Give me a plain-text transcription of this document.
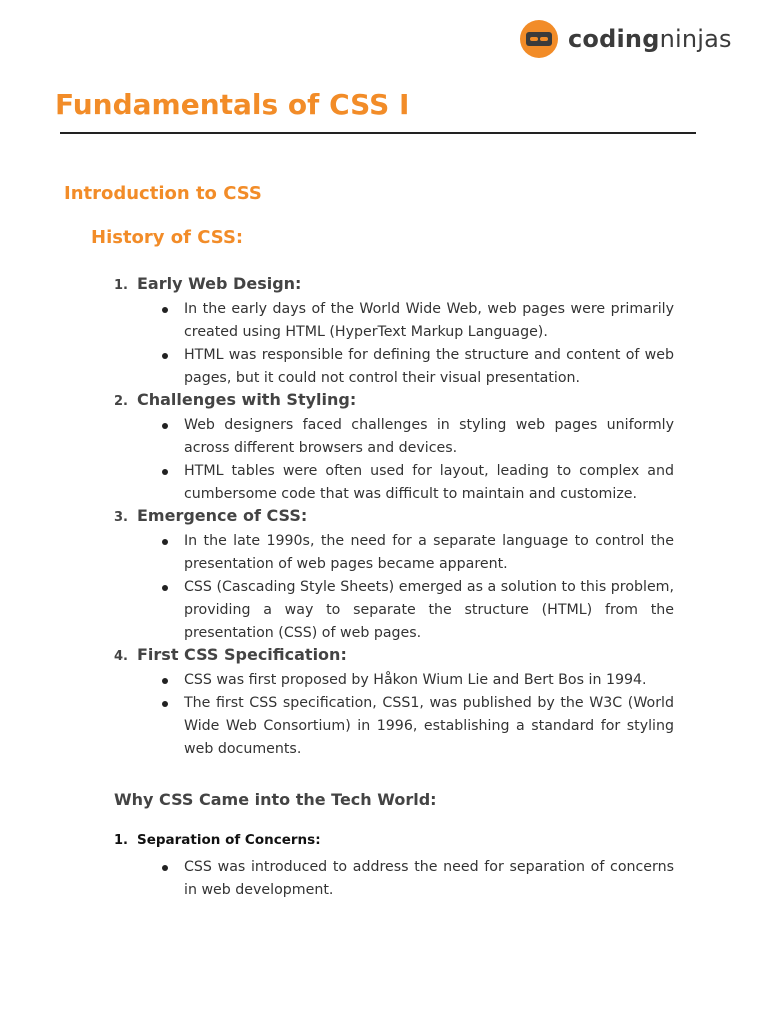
codingninjas
Fundamentals of CSS I
Introduction to CSS
History of CSS:
1. Early Web Design:
In the early days of the World Wide Web, web pages were primarily created using HTML (HyperText Markup Language).
HTML was responsible for defining the structure and content of web pages, but it could not control their visual presentation.
2. Challenges with Styling:
Web designers faced challenges in styling web pages uniformly across different browsers and devices.
HTML tables were often used for layout, leading to complex and cumbersome code that was difficult to maintain and customize.
3. Emergence of CSS:
In the late 1990s, the need for a separate language to control the presentation of web pages became apparent.
CSS (Cascading Style Sheets) emerged as a solution to this problem, providing a way to separate the structure (HTML) from the presentation (CSS) of web pages.
4. First CSS Specification:
CSS was first proposed by Håkon Wium Lie and Bert Bos in 1994.
The first CSS specification, CSS1, was published by the W3C (World Wide Web Consortium) in 1996, establishing a standard for styling web documents.
Why CSS Came into the Tech World:
1. Separation of Concerns:
CSS was introduced to address the need for separation of concerns in web development.
